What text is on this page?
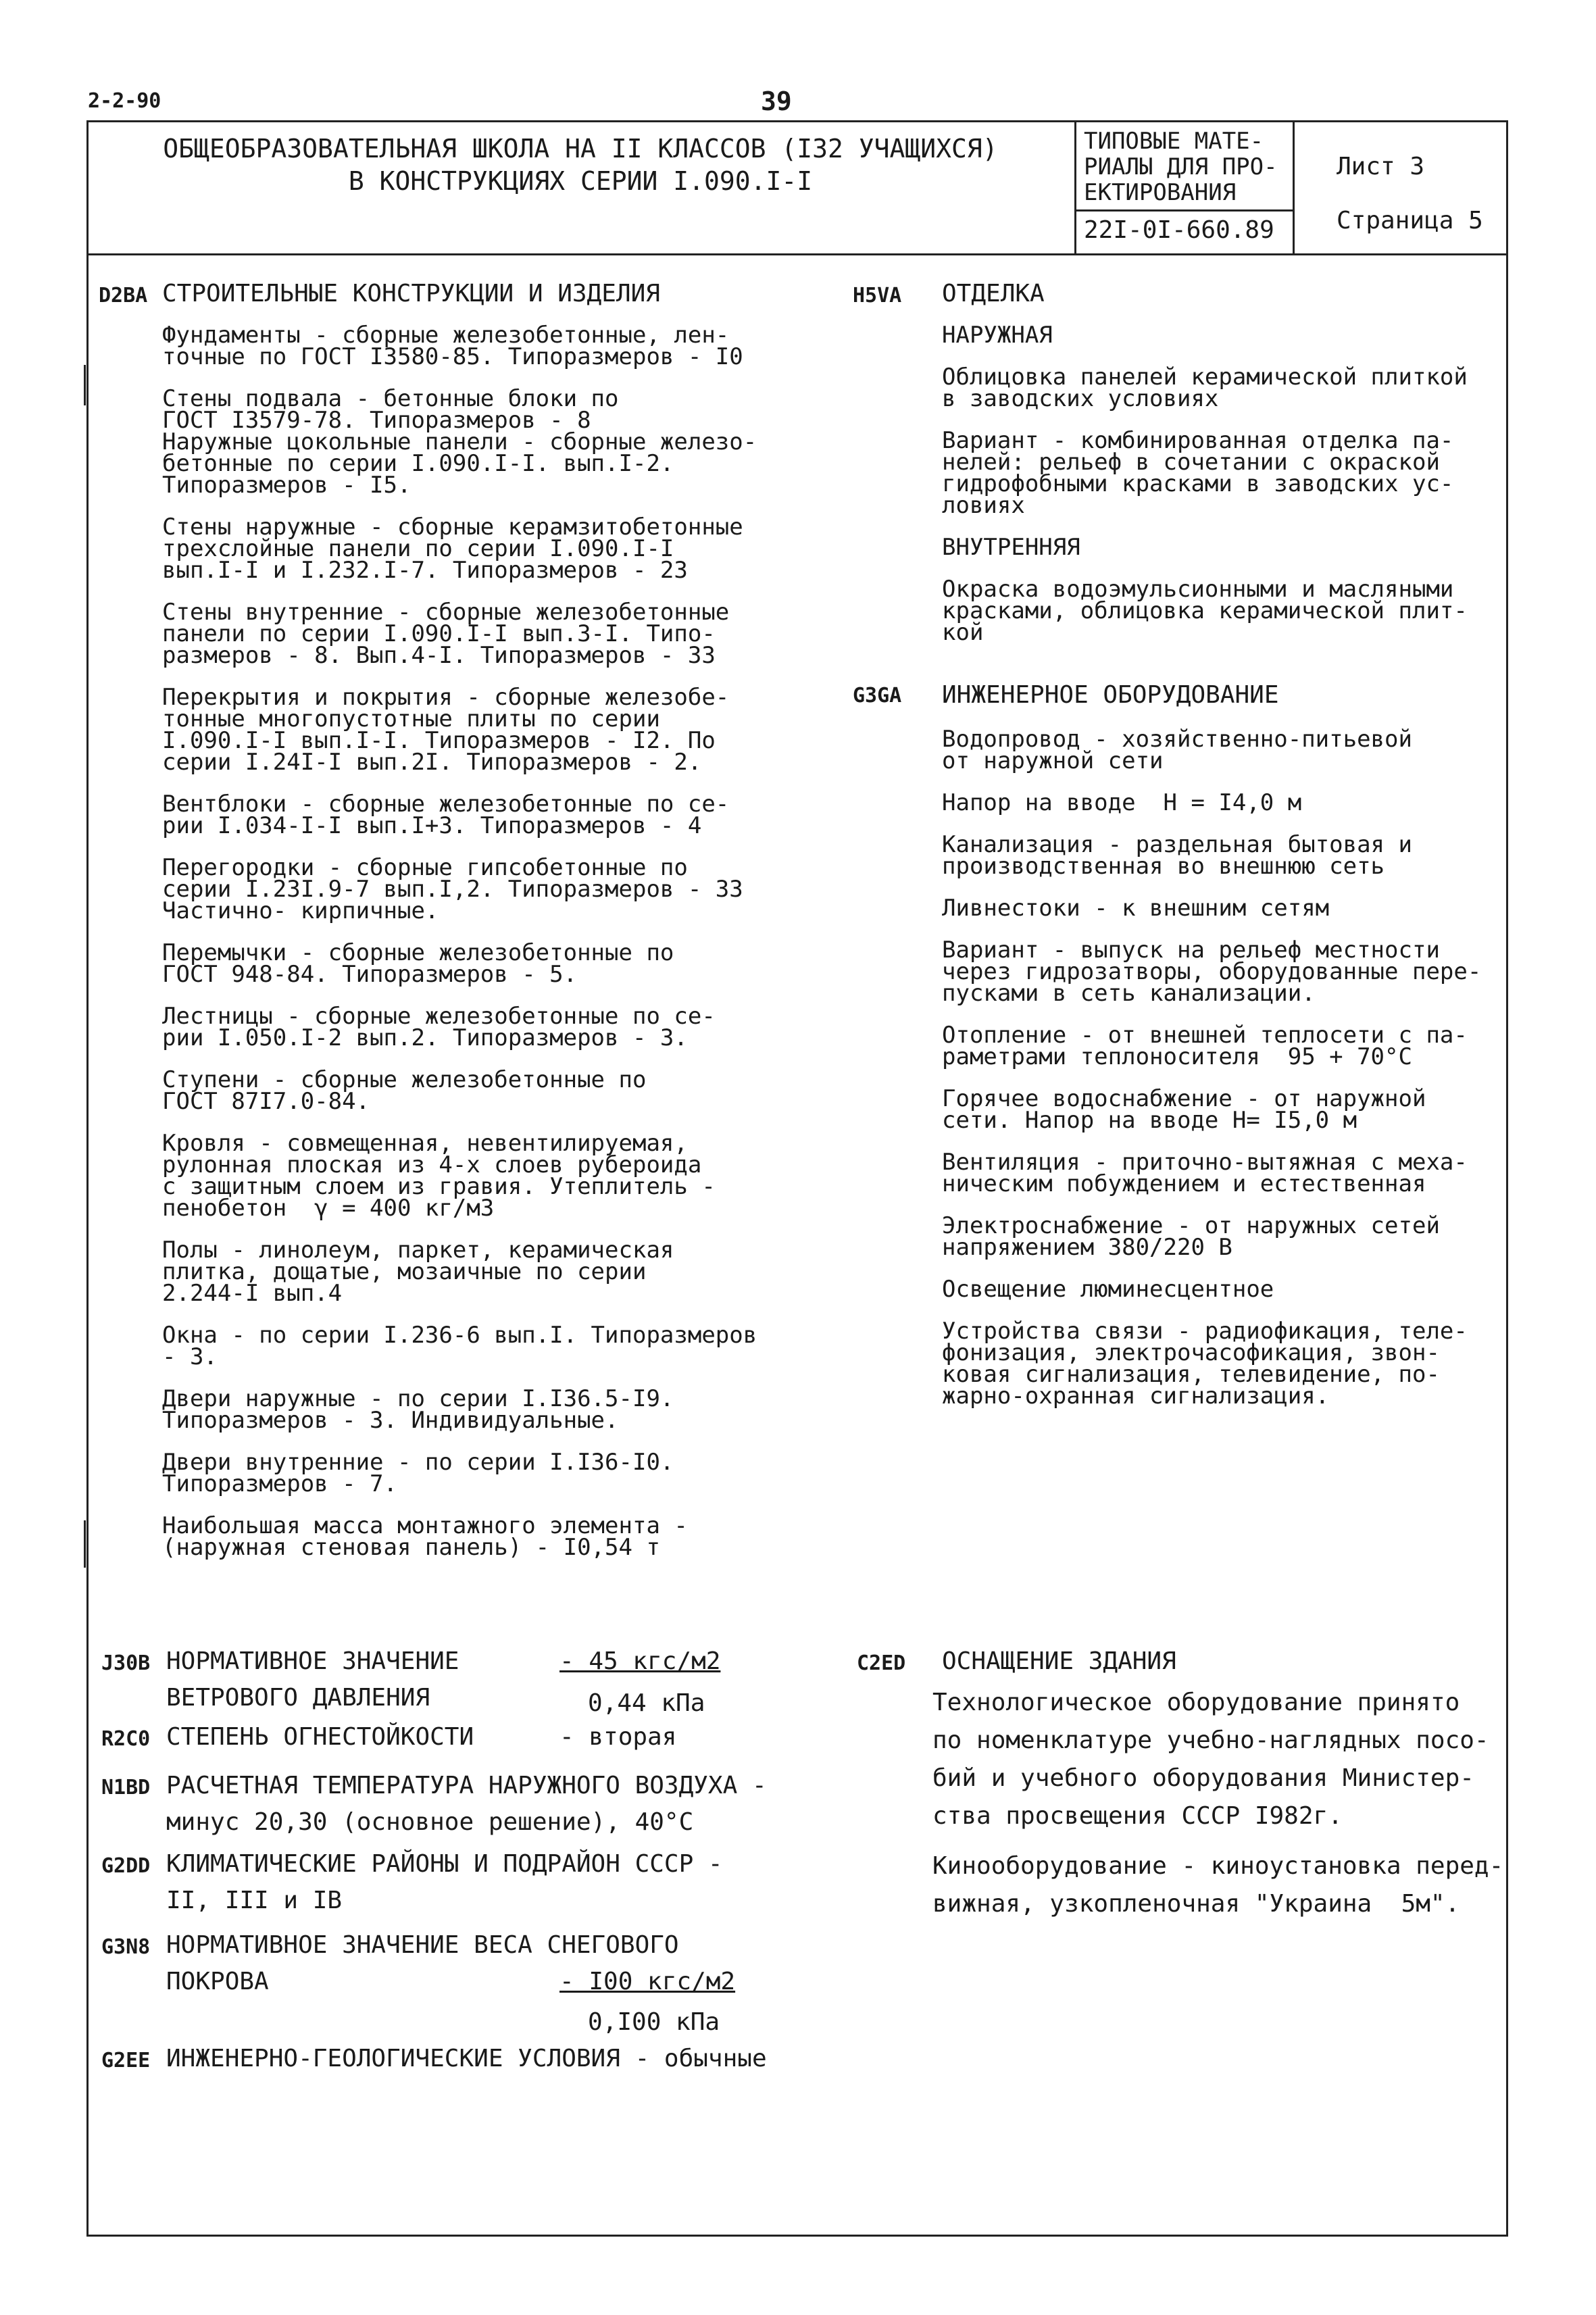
2-2-90	39
ОБЩЕОБРАЗОВАТЕЛЬНАЯ ШКОЛА НА II КЛАССОВ (I32 УЧАЩИХСЯ)
В КОНСТРУКЦИЯХ СЕРИИ I.090.I-I
ТИПОВЫЕ МАТЕ-
РИАЛЫ ДЛЯ ПРО-
ЕКТИРОВАНИЯ
22I-0I-660.89
Лист 3
Страница 5
D2BA СТРОИТЕЛЬНЫЕ КОНСТРУКЦИИ И ИЗДЕЛИЯ

Фундаменты - сборные железобетонные, лен-
точные по ГОСТ I3580-85. Типоразмеров - I0

Стены подвала - бетонные блоки по
ГОСТ I3579-78. Типоразмеров - 8
Наружные цокольные панели - сборные железо-
бетонные по серии I.090.I-I. вып.I-2.
Типоразмеров - I5.

Стены наружные - сборные керамзитобетонные
трехслойные панели по серии I.090.I-I
вып.I-I и I.232.I-7. Типоразмеров - 23

Стены внутренние - сборные железобетонные
панели по серии I.090.I-I вып.3-I. Типо-
размеров - 8. Вып.4-I. Типоразмеров - 33

Перекрытия и покрытия - сборные железобе-
тонные многопустотные плиты по серии
I.090.I-I вып.I-I. Типоразмеров - I2. По
серии I.24I-I вып.2I. Типоразмеров - 2.

Вентблоки - сборные железобетонные по се-
рии I.034-I-I вып.I+3. Типоразмеров - 4

Перегородки - сборные гипсобетонные по
серии I.23I.9-7 вып.I,2. Типоразмеров - 33
Частично- кирпичные.

Перемычки - сборные железобетонные по
ГОСТ 948-84. Типоразмеров - 5.

Лестницы - сборные железобетонные по се-
рии I.050.I-2 вып.2. Типоразмеров - 3.

Ступени - сборные железобетонные по
ГОСТ 87I7.0-84.

Кровля - совмещенная, невентилируемая,
рулонная плоская из 4-х слоев рубероида
с защитным слоем из гравия. Утеплитель -
пенобетон  γ = 400 кг/м3

Полы - линолеум, паркет, керамическая
плитка, дощатые, мозаичные по серии
2.244-I вып.4

Окна - по серии I.236-6 вып.I. Типоразмеров
- 3.

Двери наружные - по серии I.I36.5-I9.
Типоразмеров - 3. Индивидуальные.

Двери внутренние - по серии I.I36-I0.
Типоразмеров - 7.

Наибольшая масса монтажного элемента -
(наружная стеновая панель) - I0,54 т

H5VA ОТДЕЛКА

НАРУЖНАЯ

Облицовка панелей керамической плиткой
в заводских условиях

Вариант - комбинированная отделка па-
нелей: рельеф в сочетании с окраской
гидрофобными красками в заводских ус-
ловиях

ВНУТРЕННЯЯ

Окраска водоэмульсионными и масляными
красками, облицовка керамической плит-
кой

G3GA ИНЖЕНЕРНОЕ ОБОРУДОВАНИЕ

Водопровод - хозяйственно-питьевой
от наружной сети

Напор на вводе  H = I4,0 м

Канализация - раздельная бытовая и
производственная во внешнюю сеть

Ливнестоки - к внешним сетям

Вариант - выпуск на рельеф местности
через гидрозатворы, оборудованные пере-
пусками в сеть канализации.

Отопление - от внешней теплосети с па-
раметрами теплоносителя  95 + 70°C

Горячее водоснабжение - от наружной
сети. Напор на вводе H= I5,0 м

Вентиляция - приточно-вытяжная с меха-
ническим побуждением и естественная

Электроснабжение - от наружных сетей
напряжением 380/220 В

Освещение люминесцентное

Устройства связи - радиофикация, теле-
фонизация, электрочасофикация, звон-
ковая сигнализация, телевидение, по-
жарно-охранная сигнализация.

J30B НОРМАТИВНОЕ ЗНАЧЕНИЕ
ВЕТРОВОГО ДАВЛЕНИЯ
- 45 кгс/м2
0,44 кПа
R2C0 СТЕПЕНЬ ОГНЕСТОЙКОСТИ	- вторая
N1BD РАСЧЕТНАЯ ТЕМПЕРАТУРА НАРУЖНОГО ВОЗДУХА -
минус 20,30 (основное решение), 40°C
G2DD КЛИМАТИЧЕСКИЕ РАЙОНЫ И ПОДРАЙОН СССР -
II, III и IB
G3N8 НОРМАТИВНОЕ ЗНАЧЕНИЕ ВЕСА СНЕГОВОГО
ПОКРОВА	- I00 кгс/м2
0,I00 кПа
G2EE ИНЖЕНЕРНО-ГЕОЛОГИЧЕСКИЕ УСЛОВИЯ - обычные
C2ED ОСНАЩЕНИЕ ЗДАНИЯ
Технологическое оборудование принято
по номенклатуре учебно-наглядных посо-
бий и учебного оборудования Министер-
ства просвещения СССР I982г.
Кинооборудование - киноустановка перед-
вижная, узкопленочная "Украина  5м".
